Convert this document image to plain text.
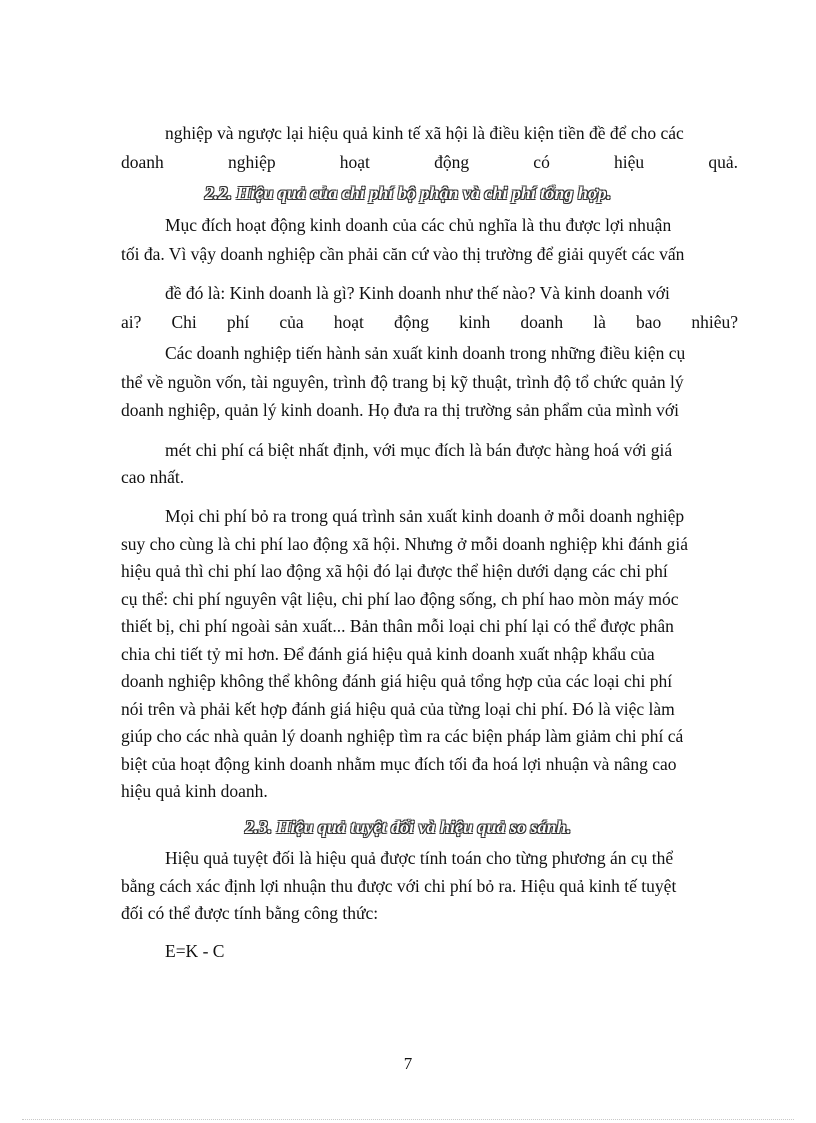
nghiệp và ngược lại hiệu quả kinh tế xã hội là điều kiện tiền đề để cho các
doanh nghiệp hoạt động có hiệu quả.
2.2. Hiệu quả của chi phí bộ phận và chi phí tổng hợp.
Mục đích hoạt động kinh doanh của các chủ nghĩa là thu được lợi nhuận
tối đa. Vì vậy doanh nghiệp cần phải căn cứ vào thị trường để giải quyết các vấn
đề đó là: Kinh doanh là gì? Kinh doanh như thế nào? Và kinh doanh với
ai? Chi phí của hoạt động kinh doanh là bao nhiêu?
Các doanh nghiệp tiến hành sản xuất kinh doanh trong những điều kiện cụ
thể về nguồn vốn, tài nguyên, trình độ trang bị kỹ thuật, trình độ tổ chức quản lý
doanh nghiệp, quản lý kinh doanh. Họ đưa ra thị trường sản phẩm của mình với
mét chi phí cá biệt nhất định, với mục đích là bán được hàng hoá với giá
cao nhất.
Mọi chi phí bỏ ra trong quá trình sản xuất kinh doanh ở mỗi doanh nghiệp
suy cho cùng là chi phí lao động xã hội. Nhưng ở mỗi doanh nghiệp khi đánh giá
hiệu quả thì chi phí lao động xã hội đó lại được thể hiện dưới dạng các chi phí
cụ thể: chi phí nguyên vật liệu, chi phí lao động sống, ch phí hao mòn máy móc
thiết bị, chi phí ngoài sản xuất... Bản thân mỗi loại chi phí lại có thể được phân
chia chi tiết tỷ mỉ hơn. Để đánh giá hiệu quả kinh doanh xuất nhập khẩu của
doanh nghiệp không thể không đánh giá hiệu quả tổng hợp của các loại chi phí
nói trên và phải kết hợp đánh giá hiệu quả của từng loại chi phí. Đó là việc làm
giúp cho các nhà quản lý doanh nghiệp tìm ra các biện pháp làm giảm chi phí cá
biệt của hoạt động kinh doanh nhằm mục đích tối đa hoá lợi nhuận và nâng cao
hiệu quả kinh doanh.
2.3. Hiệu quả tuyệt đối và hiệu quả so sánh.
Hiệu quả tuyệt đối là hiệu quả được tính toán cho từng phương án cụ thể
bằng cách xác định lợi nhuận thu được với chi phí bỏ ra. Hiệu quả kinh tế tuyệt
đối có thể được tính bằng công thức:
E=K - C
7
